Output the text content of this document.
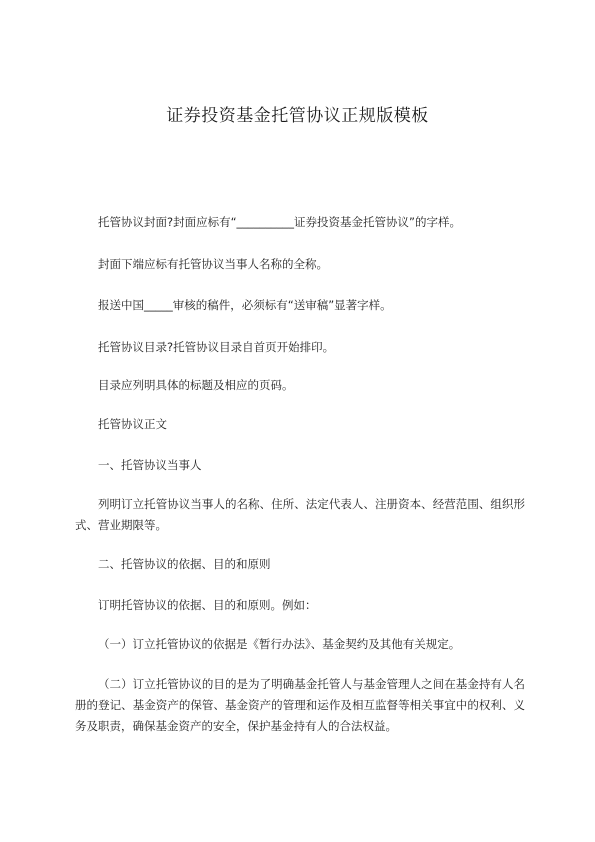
证券投资基金托管协议正规版模板
托管协议封面?封面应标有“__________证券投资基金托管协议”的字样。
封面下端应标有托管协议当事人名称的全称。
报送中国_____审核的稿件，必须标有“送审稿”显著字样。
托管协议目录?托管协议目录自首页开始排印。
目录应列明具体的标题及相应的页码。
托管协议正文
一、托管协议当事人
列明订立托管协议当事人的名称、住所、法定代表人、注册资本、经营范围、组织形式、营业期限等。
二、托管协议的依据、目的和原则
订明托管协议的依据、目的和原则。例如：
（一）订立托管协议的依据是《暂行办法》、基金契约及其他有关规定。
（二）订立托管协议的目的是为了明确基金托管人与基金管理人之间在基金持有人名册的登记、基金资产的保管、基金资产的管理和运作及相互监督等相关事宜中的权利、义务及职责，确保基金资产的安全，保护基金持有人的合法权益。
